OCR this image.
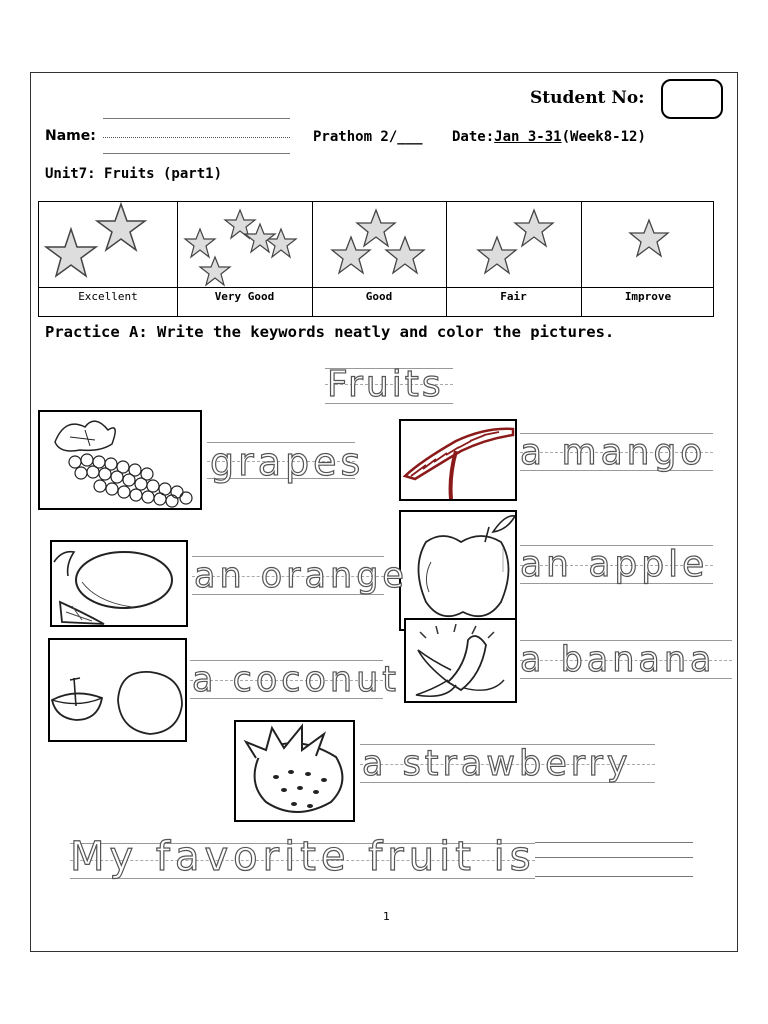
Student No:
Name:	Prathom 2/___ Date:Jan 3-31(Week8-12)
Unit7: Fruits (part1)
Excellent	Very Good	Good	Fair	Improve
Practice A: Write the keywords neatly and color the pictures.
Fruits
grapes	a mango
an apple
an orange
a banana
a coconut
a strawberry
My favorite fruit is
1
